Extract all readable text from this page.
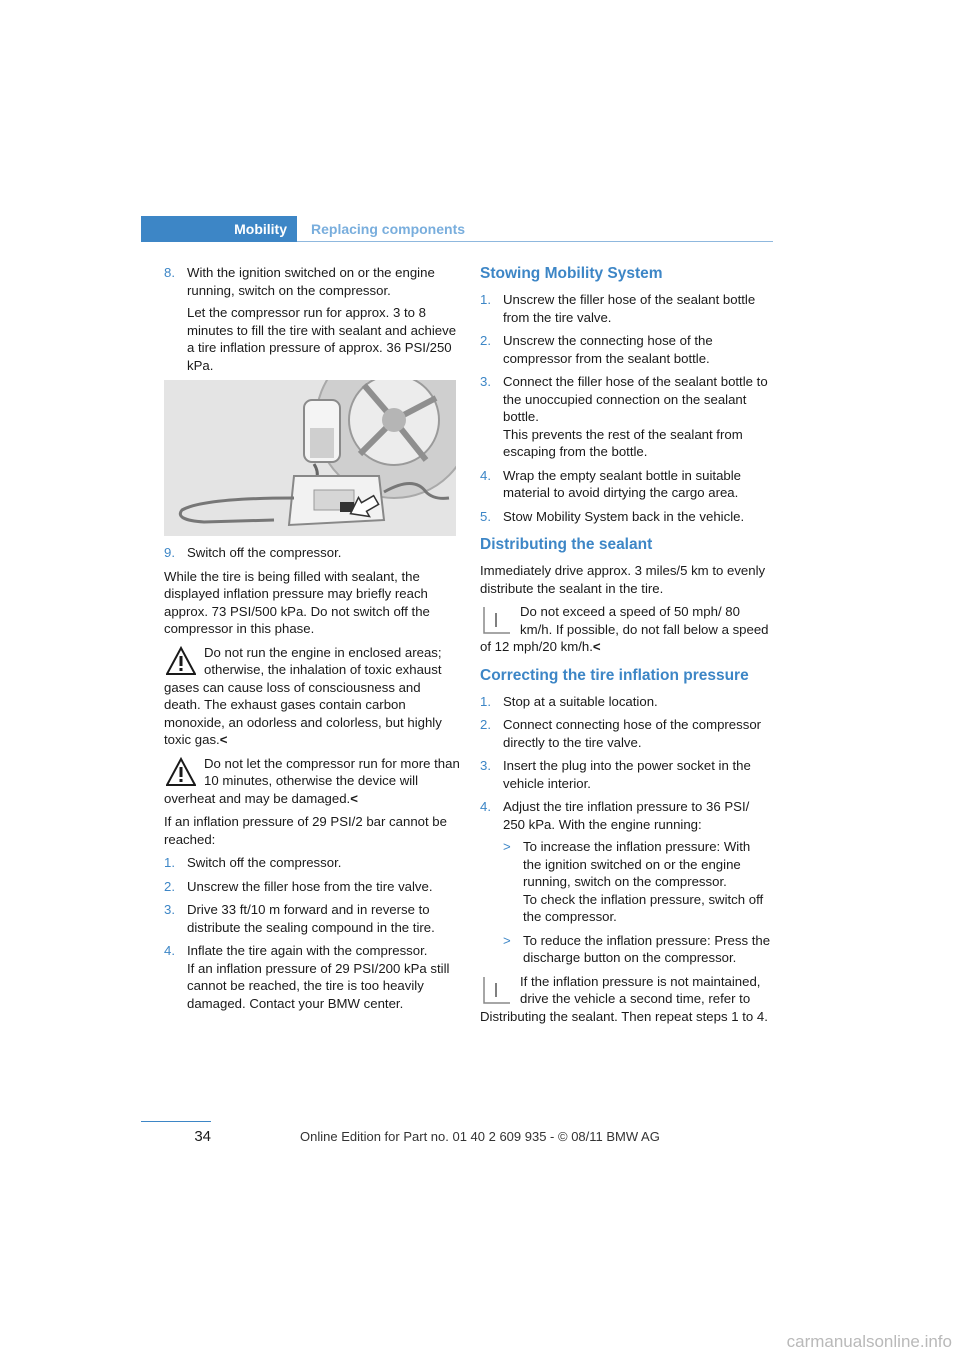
Mobility Replacing components
8. With the ignition switched on or the engine running, switch on the compressor.

Let the compressor run for approx. 3 to 8 minutes to fill the tire with sealant and achieve a tire inflation pressure of approx. 36 PSI/250 kPa.

9. Switch off the compressor.

While the tire is being filled with sealant, the displayed inflation pressure may briefly reach approx. 73 PSI/500 kPa. Do not switch off the compressor in this phase.

Do not run the engine in enclosed areas; otherwise, the inhalation of toxic exhaust gases can cause loss of consciousness and death. The exhaust gases contain carbon monoxide, an odorless and colorless, but highly toxic gas.<
Do not let the compressor run for more than 10 minutes, otherwise the device will overheat and may be damaged.<

If an inflation pressure of 29 PSI/2 bar cannot be reached:

1. Switch off the compressor.

2. Unscrew the filler hose from the tire valve.

3. Drive 33 ft/10 m forward and in reverse to distribute the sealing compound in the tire.

4. Inflate the tire again with the compressor.

If an inflation pressure of 29 PSI/200 kPa still cannot be reached, the tire is too heavily damaged. Contact your BMW center.

Stowing Mobility System
1. Unscrew the filler hose of the sealant bottle from the tire valve.

2. Unscrew the connecting hose of the compressor from the sealant bottle.

3. Connect the filler hose of the sealant bottle to the unoccupied connection on the sealant bottle.

This prevents the rest of the sealant from escaping from the bottle.

4. Wrap the empty sealant bottle in suitable material to avoid dirtying the cargo area.

5. Stow Mobility System back in the vehicle.

Distributing the sealant

Immediately drive approx. 3 miles/5 km to evenly distribute the sealant in the tire.

Do not exceed a speed of 50 mph/ 80 km/h. If possible, do not fall below a speed of 12 mph/20 km/h.<
Correcting the tire inflation pressure
1. Stop at a suitable location.

2. Connect connecting hose of the compressor directly to the tire valve.

3. Insert the plug into the power socket in the vehicle interior.

4. Adjust the tire inflation pressure to 36 PSI/ 250 kPa. With the engine running:

> To increase the inflation pressure: With the ignition switched on or the engine running, switch on the compressor.

To check the inflation pressure, switch off the compressor.

> To reduce the inflation pressure: Press the discharge button on the compressor.

If the inflation pressure is not maintained, drive the vehicle a second time, refer to Distributing the sealant. Then repeat steps 1 to 4.
34	Online Edition for Part no. 01 40 2 609 935 - © 08/11 BMW AG
carmanualsonline.info
